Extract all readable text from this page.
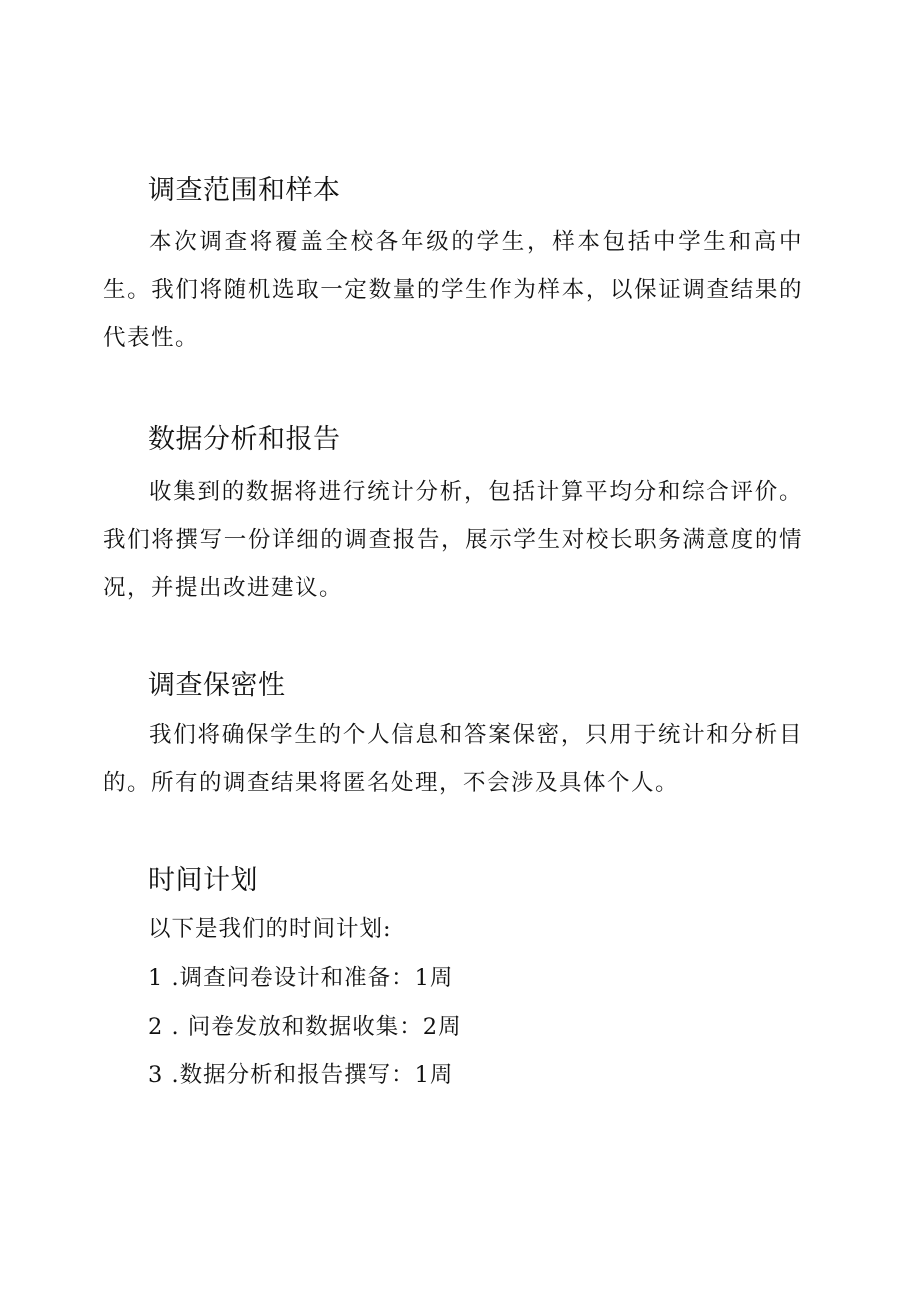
调查范围和样本

本次调查将覆盖全校各年级的学生，样本包括中学生和高中生。我们将随机选取一定数量的学生作为样本，以保证调查结果的代表性。

数据分析和报告

收集到的数据将进行统计分析，包括计算平均分和综合评价。我们将撰写一份详细的调查报告，展示学生对校长职务满意度的情况，并提出改进建议。

调查保密性

我们将确保学生的个人信息和答案保密，只用于统计和分析目的。所有的调查结果将匿名处理，不会涉及具体个人。

时间计划

以下是我们的时间计划:

1 .调查问卷设计和准备：1周

2 . 问卷发放和数据收集：2周

3 .数据分析和报告撰写：1周
